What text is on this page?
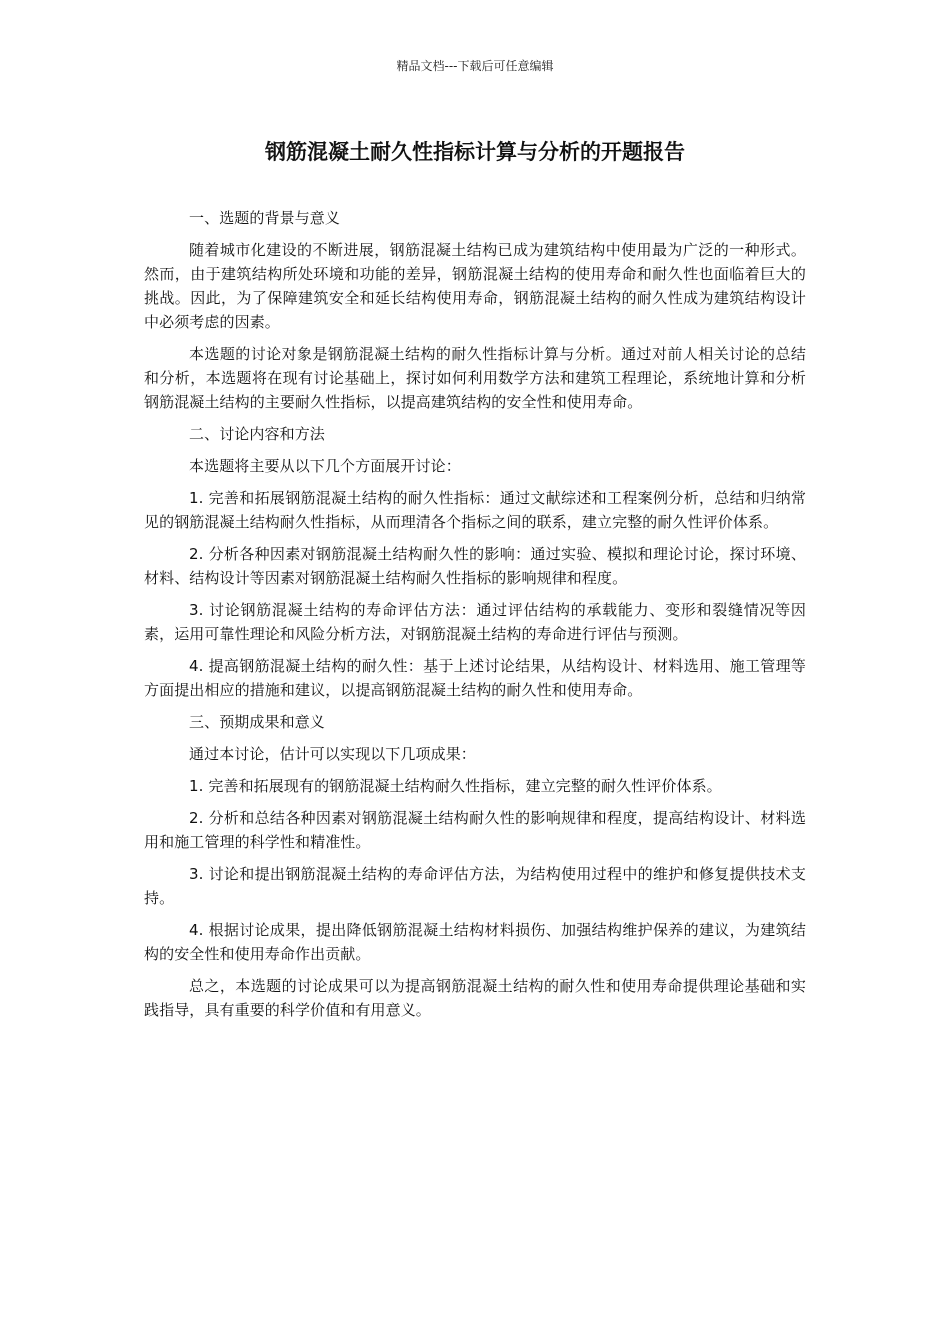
精品文档---下载后可任意编辑
钢筋混凝土耐久性指标计算与分析的开题报告

一、选题的背景与意义

随着城市化建设的不断进展，钢筋混凝土结构已成为建筑结构中使用最为广泛的一种形式。然而，由于建筑结构所处环境和功能的差异，钢筋混凝土结构的使用寿命和耐久性也面临着巨大的挑战。因此，为了保障建筑安全和延长结构使用寿命，钢筋混凝土结构的耐久性成为建筑结构设计中必须考虑的因素。

本选题的讨论对象是钢筋混凝土结构的耐久性指标计算与分析。通过对前人相关讨论的总结和分析，本选题将在现有讨论基础上，探讨如何利用数学方法和建筑工程理论，系统地计算和分析钢筋混凝土结构的主要耐久性指标，以提高建筑结构的安全性和使用寿命。

二、讨论内容和方法

本选题将主要从以下几个方面展开讨论：

1. 完善和拓展钢筋混凝土结构的耐久性指标：通过文献综述和工程案例分析，总结和归纳常见的钢筋混凝土结构耐久性指标，从而理清各个指标之间的联系，建立完整的耐久性评价体系。

2. 分析各种因素对钢筋混凝土结构耐久性的影响：通过实验、模拟和理论讨论，探讨环境、材料、结构设计等因素对钢筋混凝土结构耐久性指标的影响规律和程度。

3. 讨论钢筋混凝土结构的寿命评估方法：通过评估结构的承载能力、变形和裂缝情况等因素，运用可靠性理论和风险分析方法，对钢筋混凝土结构的寿命进行评估与预测。

4. 提高钢筋混凝土结构的耐久性：基于上述讨论结果，从结构设计、材料选用、施工管理等方面提出相应的措施和建议，以提高钢筋混凝土结构的耐久性和使用寿命。

三、预期成果和意义

通过本讨论，估计可以实现以下几项成果：

1. 完善和拓展现有的钢筋混凝土结构耐久性指标，建立完整的耐久性评价体系。

2. 分析和总结各种因素对钢筋混凝土结构耐久性的影响规律和程度，提高结构设计、材料选用和施工管理的科学性和精准性。

3. 讨论和提出钢筋混凝土结构的寿命评估方法，为结构使用过程中的维护和修复提供技术支持。

4. 根据讨论成果，提出降低钢筋混凝土结构材料损伤、加强结构维护保养的建议，为建筑结构的安全性和使用寿命作出贡献。

总之，本选题的讨论成果可以为提高钢筋混凝土结构的耐久性和使用寿命提供理论基础和实践指导，具有重要的科学价值和有用意义。
